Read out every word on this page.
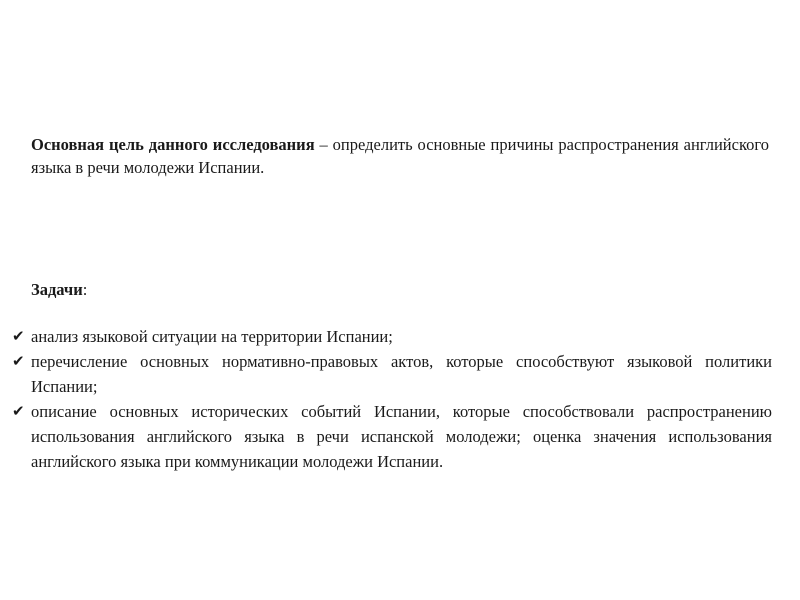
Основная цель данного исследования – определить основные причины распространения английского языка в речи молодежи Испании.

Задачи:

✔ анализ языковой ситуации на территории Испании;
✔ перечисление основных нормативно-правовых актов, которые способствуют языковой политики Испании;
✔ описание основных исторических событий Испании, которые способствовали распространению использования английского языка в речи испанской молодежи; оценка значения использования английского языка при коммуникации молодежи Испании.
